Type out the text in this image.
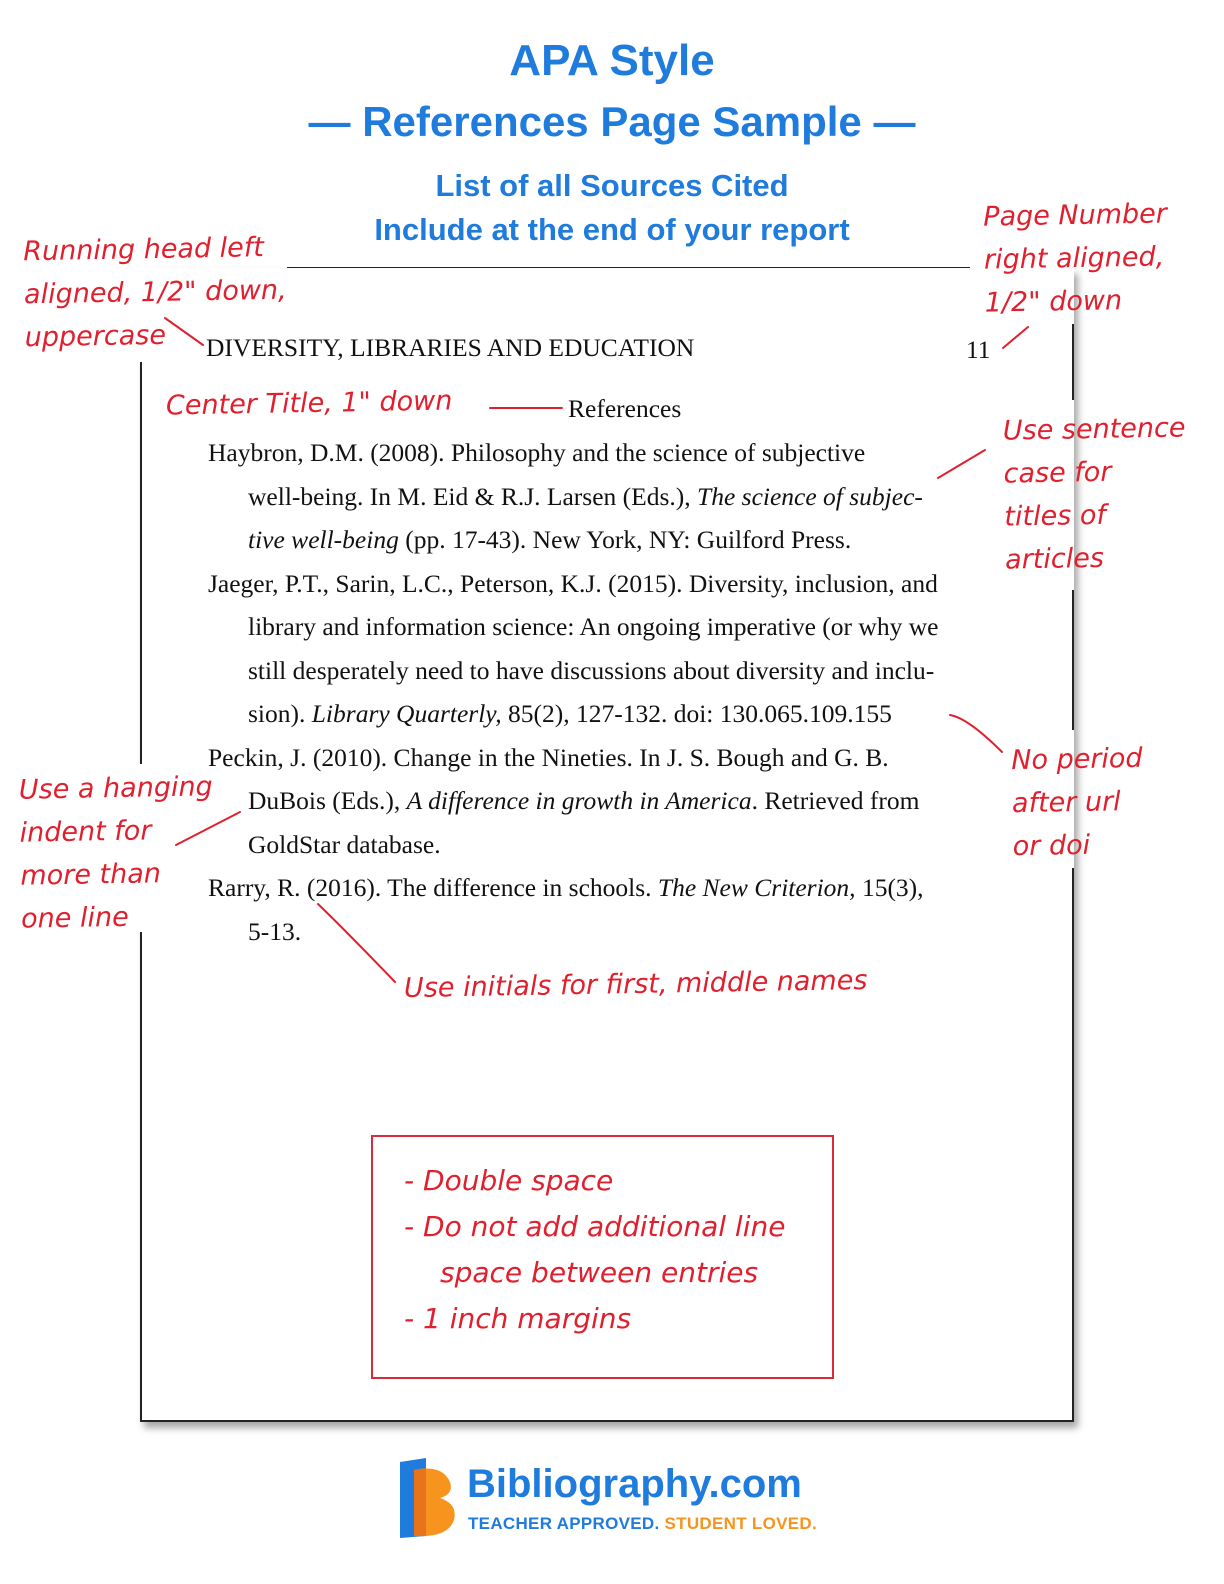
APA Style
— References Page Sample —
List of all Sources Cited
Include at the end of your report
DIVERSITY, LIBRARIES AND EDUCATION	11
References
Haybron, D.M. (2008). Philosophy and the science of subjective
well-being. In M. Eid & R.J. Larsen (Eds.), The science of subjec-
tive well-being (pp. 17-43). New York, NY: Guilford Press.
Jaeger, P.T., Sarin, L.C., Peterson, K.J. (2015). Diversity, inclusion, and
library and information science: An ongoing imperative (or why we
still desperately need to have discussions about diversity and inclu-
sion). Library Quarterly, 85(2), 127-132. doi: 130.065.109.155
Peckin, J. (2010). Change in the Nineties. In J. S. Bough and G. B.
DuBois (Eds.), A difference in growth in America. Retrieved from
GoldStar database.
Rarry, R. (2016). The difference in schools. The New Criterion, 15(3),
5-13.
Running head left
aligned, 1/2" down,
uppercase
Page Number
right aligned,
1/2" down
Center Title, 1" down
Use sentence
case for
titles of
articles
No period
after url
or doi
Use a hanging
indent for
more than
one line
Use initials for first, middle names
- Double space
- Do not add additional line
space between entries
- 1 inch margins
Bibliography.com
TEACHER APPROVED. STUDENT LOVED.
